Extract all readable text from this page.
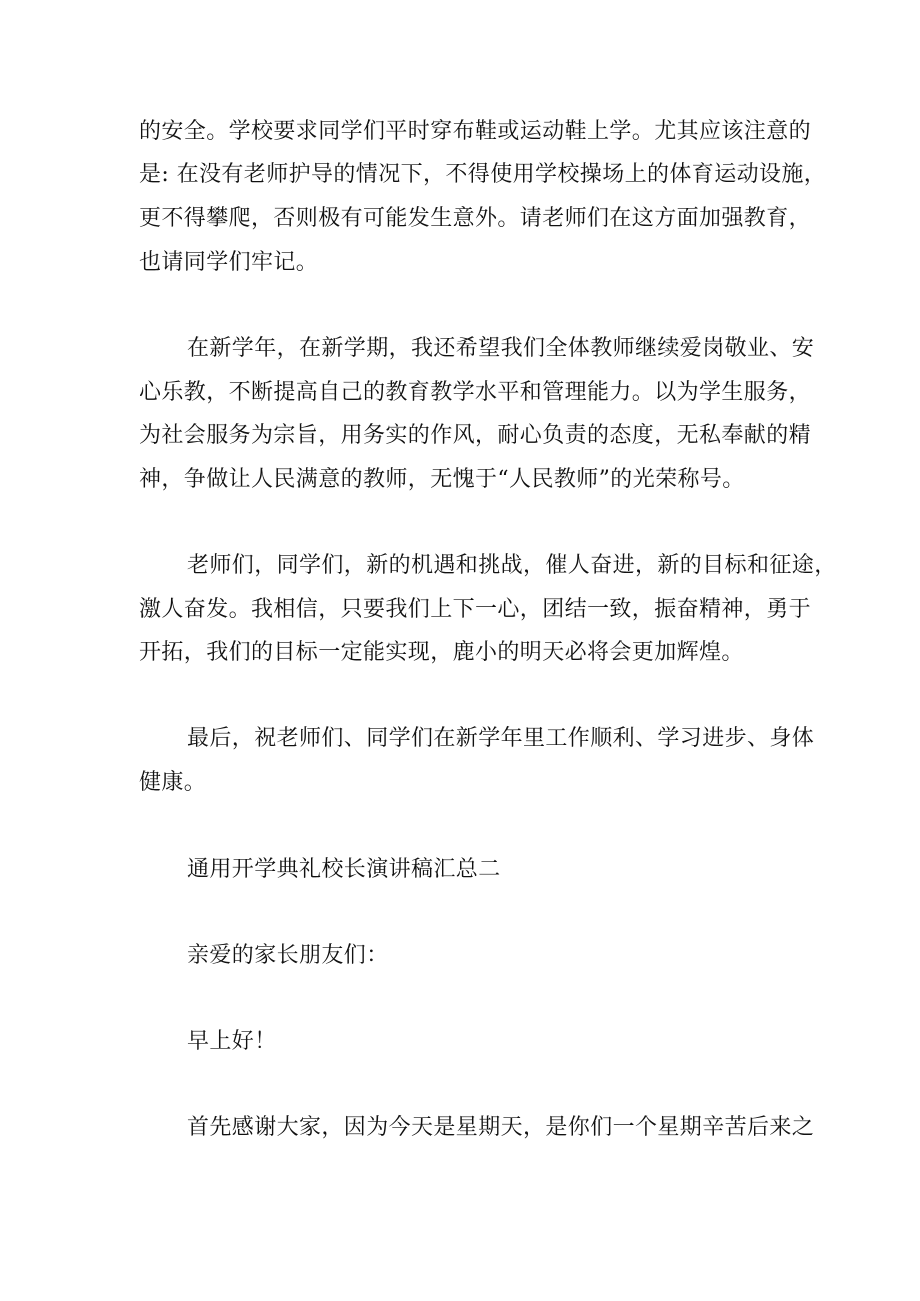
的安全。学校要求同学们平时穿布鞋或运动鞋上学。尤其应该注意的
是: 在没有老师护导的情况下，不得使用学校操场上的体育运动设施，
更不得攀爬，否则极有可能发生意外。请老师们在这方面加强教育，
也请同学们牢记。
在新学年，在新学期，我还希望我们全体教师继续爱岗敬业、安
心乐教，不断提高自己的教育教学水平和管理能力。以为学生服务，
为社会服务为宗旨，用务实的作风，耐心负责的态度，无私奉献的精
神，争做让人民满意的教师，无愧于“人民教师”的光荣称号。
老师们，同学们，新的机遇和挑战，催人奋进，新的目标和征途，
激人奋发。我相信，只要我们上下一心，团结一致，振奋精神，勇于
开拓，我们的目标一定能实现，鹿小的明天必将会更加辉煌。
最后，祝老师们、同学们在新学年里工作顺利、学习进步、身体
健康。
通用开学典礼校长演讲稿汇总二
亲爱的家长朋友们：
早上好！
首先感谢大家，因为今天是星期天，是你们一个星期辛苦后来之
